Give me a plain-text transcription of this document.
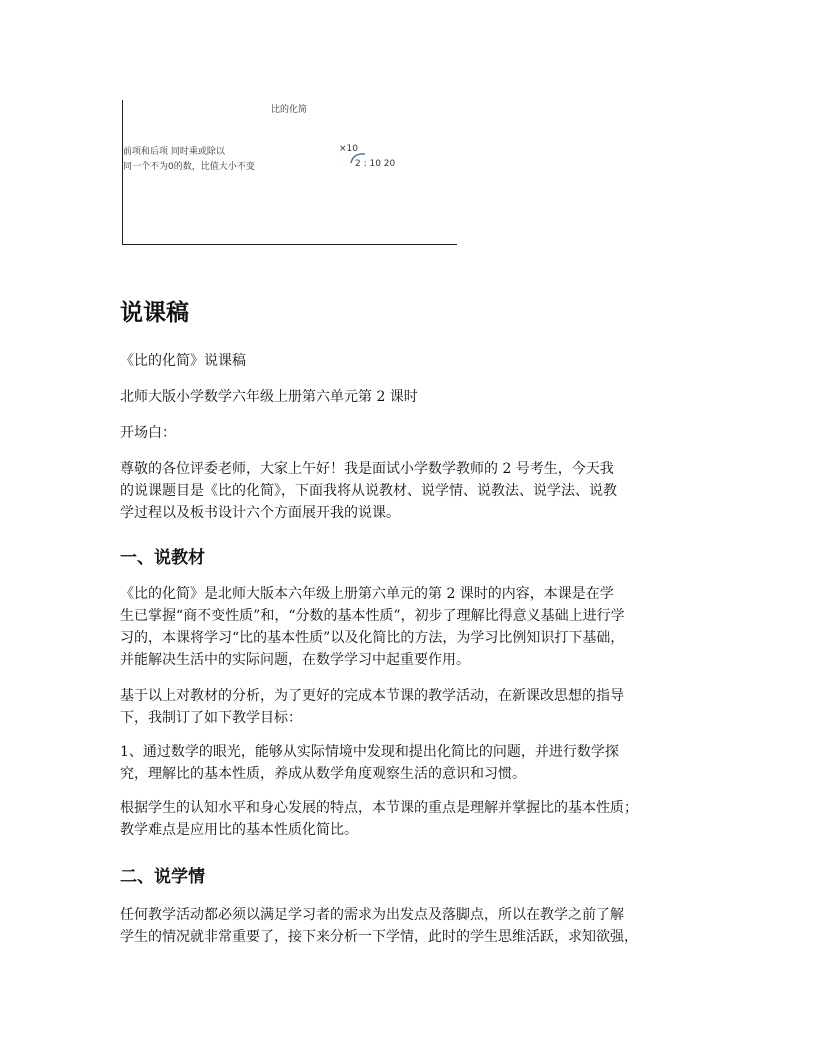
比的化简
前项和后项 同时乘或除以
同一个不为0的数，比值大小不变
×10
2 : 10 20
说课稿

《比的化简》说课稿

北师大版小学数学六年级上册第六单元第 2 课时

开场白：

尊敬的各位评委老师，大家上午好！我是面试小学数学教师的 2 号考生，今天我
的说课题目是《比的化简》，下面我将从说教材、说学情、说教法、说学法、说教
学过程以及板书设计六个方面展开我的说课。

一、说教材

《比的化简》是北师大版本六年级上册第六单元的第 2 课时的内容，本课是在学
生已掌握“商不变性质”和，“分数的基本性质”，初步了理解比得意义基础上进行学
习的，本课将学习“比的基本性质”以及化简比的方法，为学习比例知识打下基础，
并能解决生活中的实际问题，在数学学习中起重要作用。

基于以上对教材的分析，为了更好的完成本节课的教学活动，在新课改思想的指导
下，我制订了如下教学目标：

1、通过数学的眼光，能够从实际情境中发现和提出化简比的问题，并进行数学探
究，理解比的基本性质，养成从数学角度观察生活的意识和习惯。

根据学生的认知水平和身心发展的特点，本节课的重点是理解并掌握比的基本性质；
教学难点是应用比的基本性质化简比。

二、说学情

任何教学活动都必须以满足学习者的需求为出发点及落脚点，所以在教学之前了解
学生的情况就非常重要了，接下来分析一下学情，此时的学生思维活跃，求知欲强，
